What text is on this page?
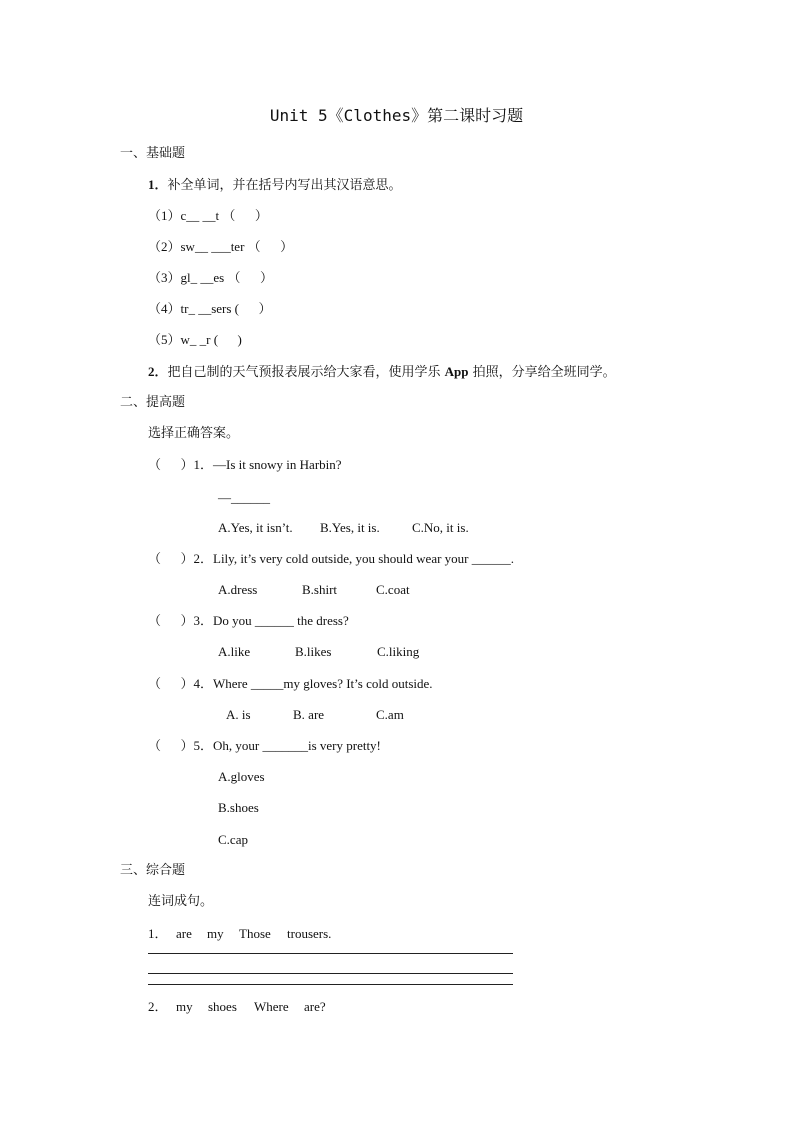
Unit 5《Clothes》第二课时习题
一、基础题
1．补全单词，并在括号内写出其汉语意思。
（1）c__ __t （      ）
（2）sw__ ___ter （      ）
（3）gl_ __es （      ）
（4）tr_ __sers (      ）
（5）w_ _r (      )
2．把自己制的天气预报表展示给大家看，使用学乐 App 拍照，分享给全班同学。
二、提高题
选择正确答案。
（      ）1．—Is it snowy in Harbin?
—______
A.Yes, it isn’t. B.Yes, it is. C.No, it is.
（      ）2．Lily, it’s very cold outside, you should wear your ______.
A.dress	B.shirt	C.coat
（      ）3．Do you ______ the dress?
A.like	B.likes	C.liking
（      ）4．Where _____my gloves? It’s cold outside.
A. is	B. are	C.am
（      ）5．Oh, your _______is very pretty!
A.gloves
B.shoes
C.cap
三、综合题
连词成句。
1． are my Those trousers.
2． my shoes Where are?
